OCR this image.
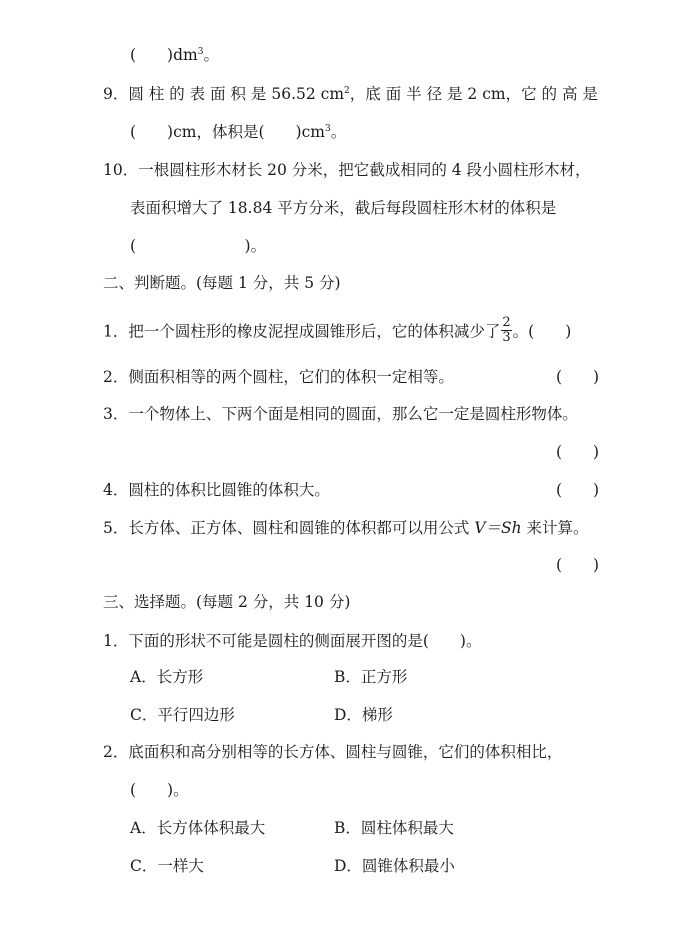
(　　)$dm^3$。
9．圆 柱 的 表 面 积 是 56.52 $cm^2$，底 面 半 径 是 2 cm，它 的 高 是
(　　)cm，体积是(　　)$cm^3$。
10．一根圆柱形木材长 20 分米，把它截成相同的 4 段小圆柱形木材，
表面积增大了 18.84 平方分米，截后每段圆柱形木材的体积是
(　　　　　　　)。
二、判断题。(每题 1 分，共 5 分)
1．把一个圆柱形的橡皮泥捏成圆锥形后，它的体积减少了 $\frac{2}{3}$ 。(　　)
2．侧面积相等的两个圆柱，它们的体积一定相等。	(　　)
3．一个物体上、下两个面是相同的圆面，那么它一定是圆柱形物体。
(　　)
4．圆柱的体积比圆锥的体积大。	(　　)
5．长方体、正方体、圆柱和圆锥的体积都可以用公式 V＝Sh 来计算。
(　　)
三、选择题。(每题 2 分，共 10 分)
1．下面的形状不可能是圆柱的侧面展开图的是(　　)。
A．长方形	B．正方形
C．平行四边形	D．梯形
2．底面积和高分别相等的长方体、圆柱与圆锥，它们的体积相比，
(　　)。
A．长方体体积最大	B．圆柱体积最大
C．一样大	D．圆锥体积最小
